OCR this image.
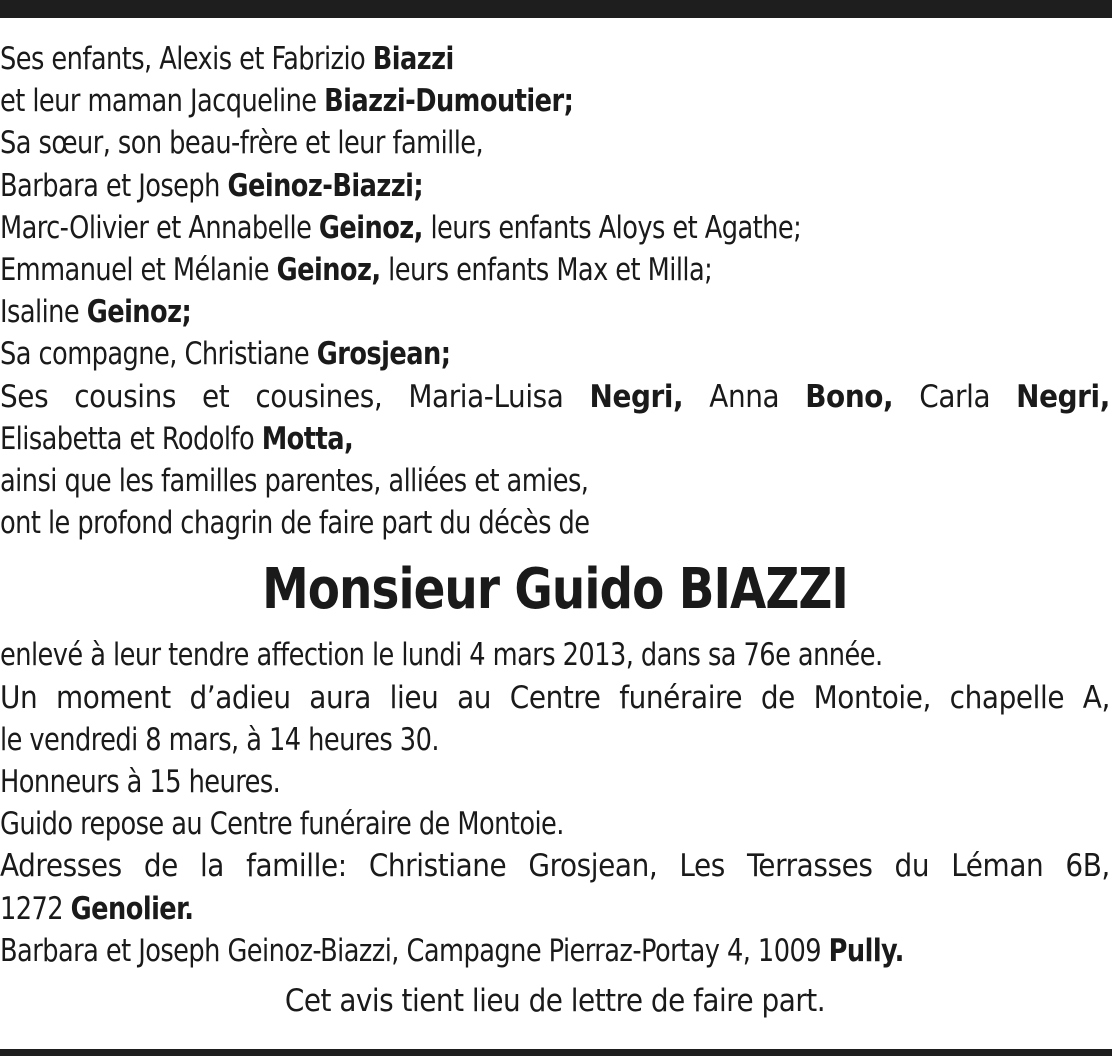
Ses enfants, Alexis et Fabrizio Biazzi
et leur maman Jacqueline Biazzi-Dumoutier;
Sa sœur, son beau-frère et leur famille,
Barbara et Joseph Geinoz-Biazzi;
Marc-Olivier et Annabelle Geinoz, leurs enfants Aloys et Agathe;
Emmanuel et Mélanie Geinoz, leurs enfants Max et Milla;
Isaline Geinoz;
Sa compagne, Christiane Grosjean;
Ses cousins et cousines, Maria-Luisa Negri, Anna Bono, Carla Negri,
Elisabetta et Rodolfo Motta,
ainsi que les familles parentes, alliées et amies,
ont le profond chagrin de faire part du décès de
Monsieur Guido BIAZZI
enlevé à leur tendre affection le lundi 4 mars 2013, dans sa 76e année.
Un moment d’adieu aura lieu au Centre funéraire de Montoie, chapelle A,
le vendredi 8 mars, à 14 heures 30.
Honneurs à 15 heures.
Guido repose au Centre funéraire de Montoie.
Adresses de la famille: Christiane Grosjean, Les Terrasses du Léman 6B,
1272 Genolier.
Barbara et Joseph Geinoz-Biazzi, Campagne Pierraz-Portay 4, 1009 Pully.
Cet avis tient lieu de lettre de faire part.
